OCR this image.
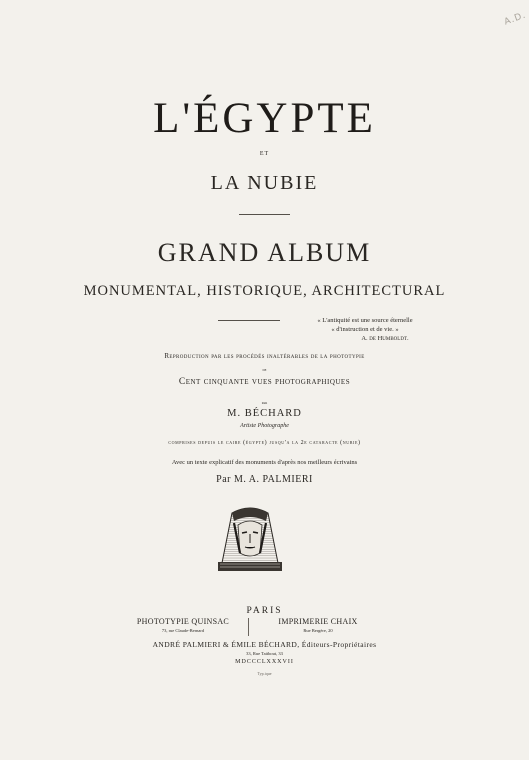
A.D.
L'ÉGYPTE
ET
LA NUBIE
GRAND ALBUM
MONUMENTAL, HISTORIQUE, ARCHITECTURAL
« L'antiquité est une source éternelle
« d'instruction et de vie. »
A. de Humboldt.
Reproduction par les procédés inaltérables de la phototypie
de
Cent cinquante vues photographiques
par
M. BÉCHARD
Artiste Photographe
comprises depuis le caire (égypte) jusqu'a la 2e cataracte (nubie)
Avec un texte explicatif des monuments d'après nos meilleurs écrivains
Par M. A. PALMIERI
PARIS
PHOTOTYPIE QUINSAC
73, rue Claude-Bernard
IMPRIMERIE CHAIX
Rue Bergère, 20
ANDRÉ PALMIERI & ÉMILE BÉCHARD, Éditeurs-Propriétaires
33, Rue Taitbout, 33
MDCCCLXXXVII
Typ.ique
